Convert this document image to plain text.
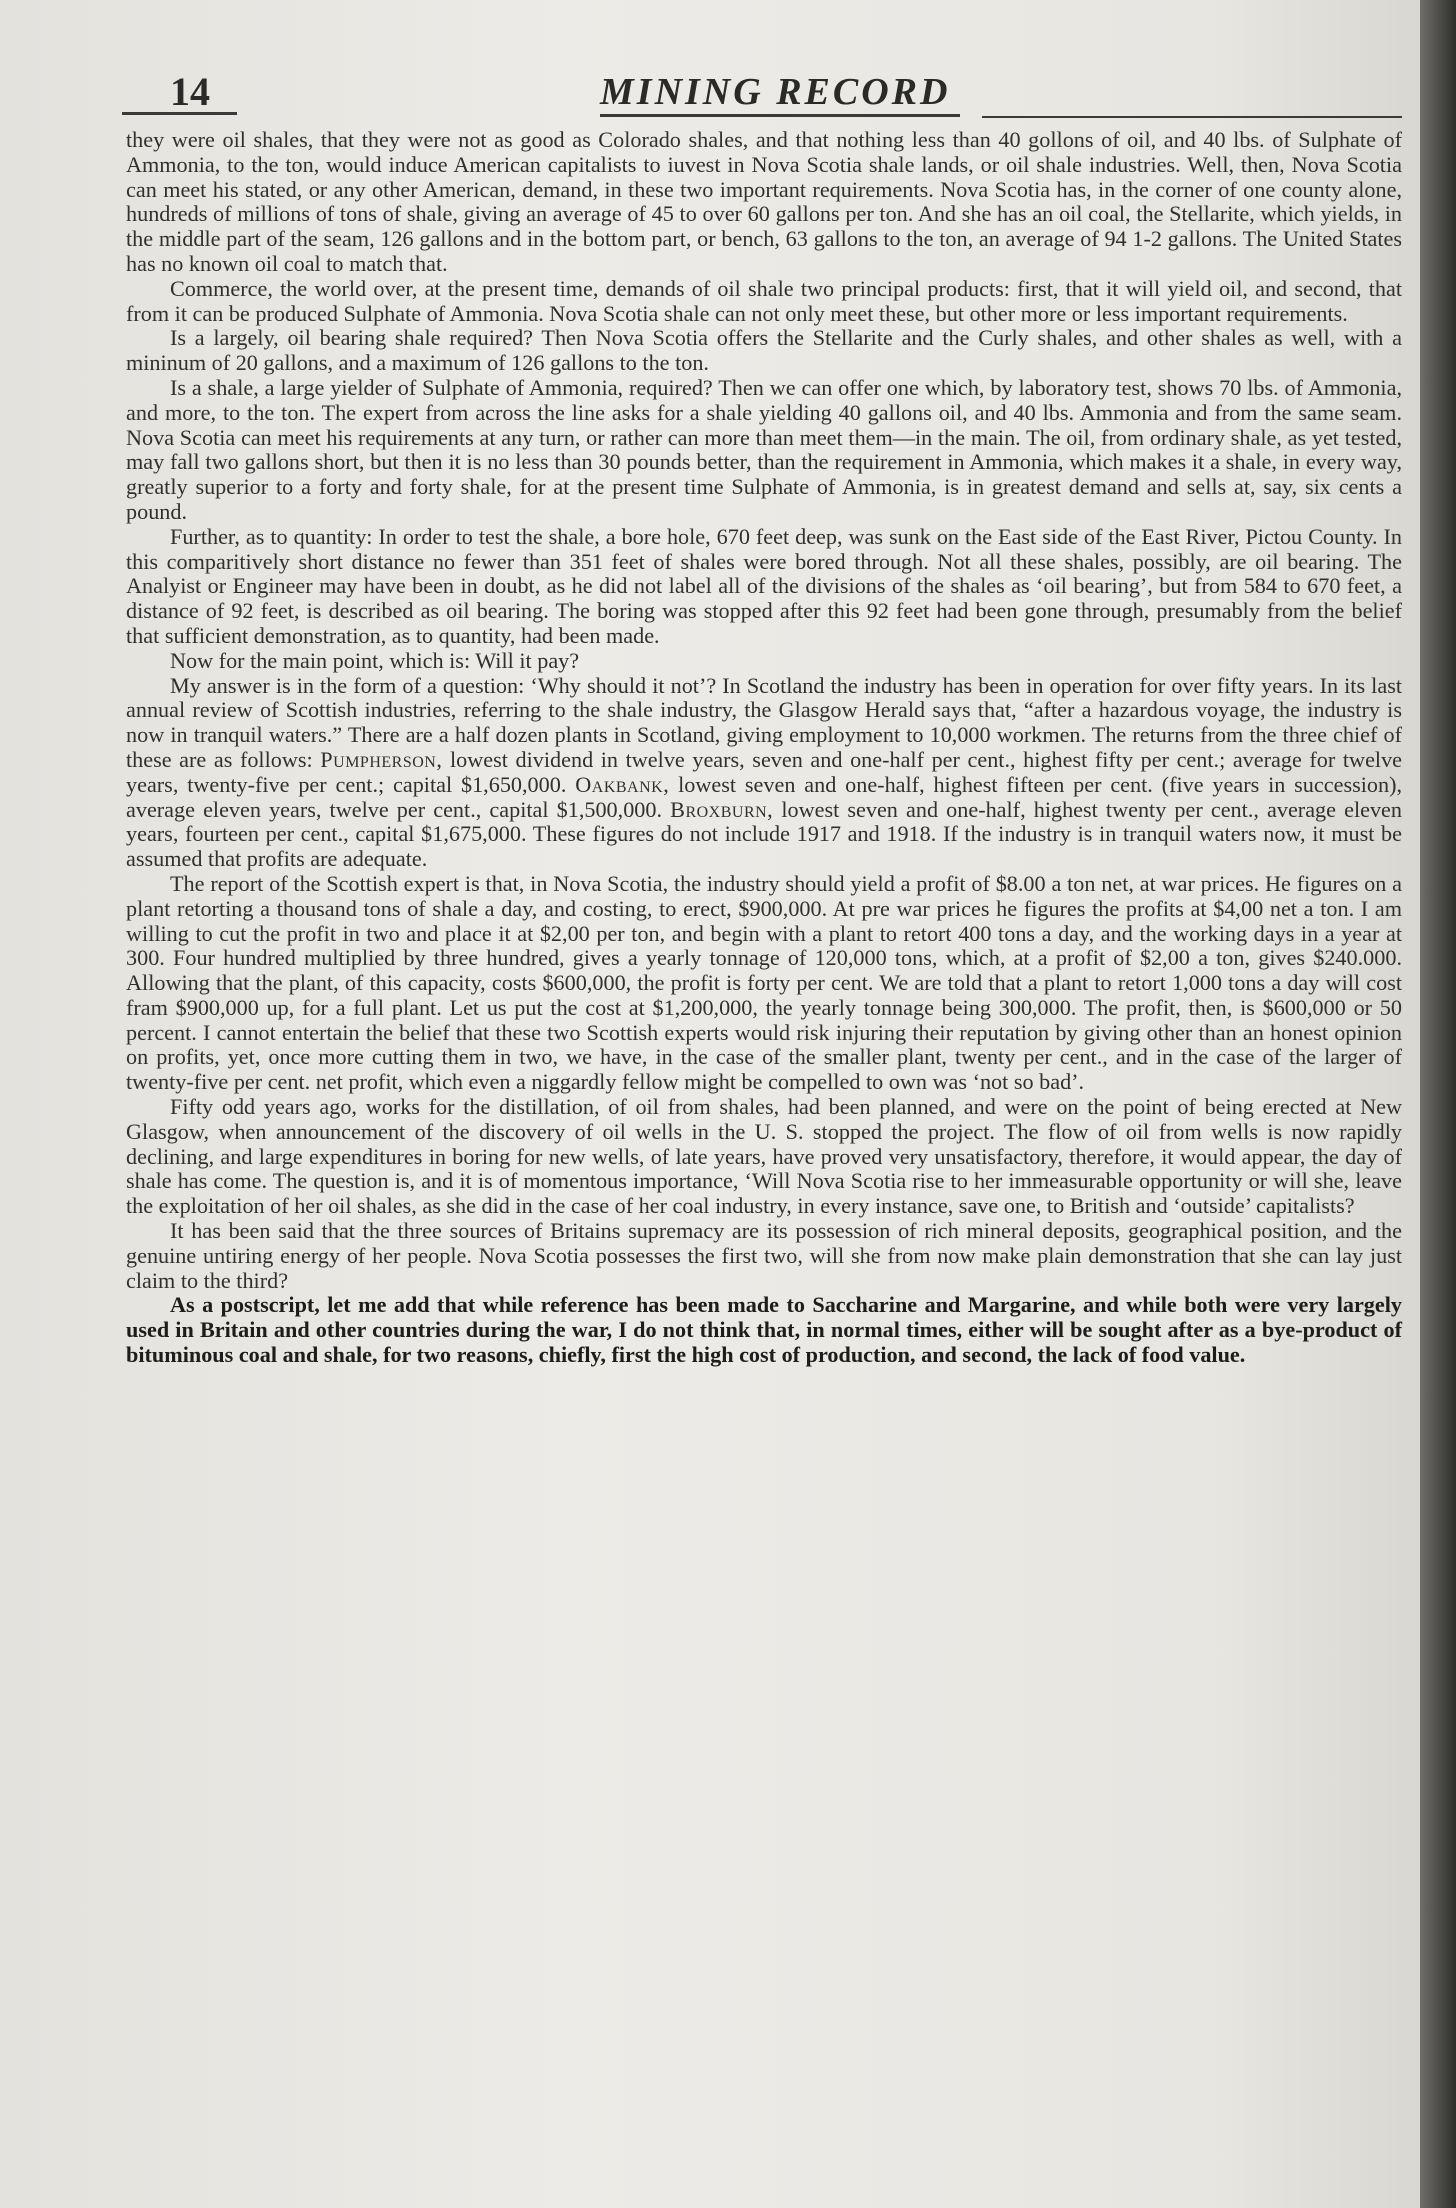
14	MINING RECORD

they were oil shales, that they were not as good as Colorado shales, and that nothing less than 40 gollons of oil, and 40 lbs. of Sulphate of Ammonia, to the ton, would induce American capitalists to iuvest in Nova Scotia shale lands, or oil shale industries. Well, then, Nova Scotia can meet his stated, or any other American, demand, in these two important requirements. Nova Scotia has, in the corner of one county alone, hundreds of millions of tons of shale, giving an average of 45 to over 60 gallons per ton. And she has an oil coal, the Stellarite, which yields, in the middle part of the seam, 126 gallons and in the bottom part, or bench, 63 gallons to the ton, an average of 94 1-2 gallons. The United States has no known oil coal to match that.

Commerce, the world over, at the present time, demands of oil shale two principal products: first, that it will yield oil, and second, that from it can be produced Sulphate of Ammonia. Nova Scotia shale can not only meet these, but other more or less important requirements.

Is a largely, oil bearing shale required? Then Nova Scotia offers the Stellarite and the Curly shales, and other shales as well, with a mininum of 20 gallons, and a maximum of 126 gallons to the ton.

Is a shale, a large yielder of Sulphate of Ammonia, required? Then we can offer one which, by laboratory test, shows 70 lbs. of Ammonia, and more, to the ton. The expert from across the line asks for a shale yielding 40 gallons oil, and 40 lbs. Ammonia and from the same seam. Nova Scotia can meet his requirements at any turn, or rather can more than meet them—in the main. The oil, from ordinary shale, as yet tested, may fall two gallons short, but then it is no less than 30 pounds better, than the requirement in Ammonia, which makes it a shale, in every way, greatly superior to a forty and forty shale, for at the present time Sulphate of Ammonia, is in greatest demand and sells at, say, six cents a pound.

Further, as to quantity: In order to test the shale, a bore hole, 670 feet deep, was sunk on the East side of the East River, Pictou County. In this comparitively short distance no fewer than 351 feet of shales were bored through. Not all these shales, possibly, are oil bearing. The Analyist or Engineer may have been in doubt, as he did not label all of the divisions of the shales as ‘oil bearing’, but from 584 to 670 feet, a distance of 92 feet, is described as oil bearing. The boring was stopped after this 92 feet had been gone through, presumably from the belief that sufficient demonstration, as to quantity, had been made.

Now for the main point, which is: Will it pay?

My answer is in the form of a question: ‘Why should it not’? In Scotland the industry has been in operation for over fifty years. In its last annual review of Scottish industries, referring to the shale industry, the Glasgow Herald says that, “after a hazardous voyage, the industry is now in tranquil waters.” There are a half dozen plants in Scotland, giving employment to 10,000 workmen. The returns from the three chief of these are as follows: Pumpherson, lowest dividend in twelve years, seven and one-half per cent., highest fifty per cent.; average for twelve years, twenty-five per cent.; capital $1,650,000. Oakbank, lowest seven and one-half, highest fifteen per cent. (five years in succession), average eleven years, twelve per cent., capital $1,500,000. Broxburn, lowest seven and one-half, highest twenty per cent., average eleven years, fourteen per cent., capital $1,675,000. These figures do not include 1917 and 1918. If the industry is in tranquil waters now, it must be assumed that profits are adequate.

The report of the Scottish expert is that, in Nova Scotia, the industry should yield a profit of $8.00 a ton net, at war prices. He figures on a plant retorting a thousand tons of shale a day, and costing, to erect, $900,000. At pre war prices he figures the profits at $4,00 net a ton. I am willing to cut the profit in two and place it at $2,00 per ton, and begin with a plant to retort 400 tons a day, and the working days in a year at 300. Four hundred multiplied by three hundred, gives a yearly tonnage of 120,000 tons, which, at a profit of $2,00 a ton, gives $240.000. Allowing that the plant, of this capacity, costs $600,000, the profit is forty per cent. We are told that a plant to retort 1,000 tons a day will cost fram $900,000 up, for a full plant. Let us put the cost at $1,200,000, the yearly tonnage being 300,000. The profit, then, is $600,000 or 50 percent. I cannot entertain the belief that these two Scottish experts would risk injuring their reputation by giving other than an honest opinion on profits, yet, once more cutting them in two, we have, in the case of the smaller plant, twenty per cent., and in the case of the larger of twenty-five per cent. net profit, which even a niggardly fellow might be compelled to own was ‘not so bad’.

Fifty odd years ago, works for the distillation, of oil from shales, had been planned, and were on the point of being erected at New Glasgow, when announcement of the discovery of oil wells in the U. S. stopped the project. The flow of oil from wells is now rapidly declining, and large expenditures in boring for new wells, of late years, have proved very unsatisfactory, therefore, it would appear, the day of shale has come. The question is, and it is of momentous importance, ‘Will Nova Scotia rise to her immeasurable opportunity or will she, leave the exploitation of her oil shales, as she did in the case of her coal industry, in every instance, save one, to British and ‘outside’ capitalists?

It has been said that the three sources of Britains supremacy are its possession of rich mineral deposits, geographical position, and the genuine untiring energy of her people. Nova Scotia possesses the first two, will she from now make plain demonstration that she can lay just claim to the third?

As a postscript, let me add that while reference has been made to Saccharine and Margarine, and while both were very largely used in Britain and other countries during the war, I do not think that, in normal times, either will be sought after as a bye-product of bituminous coal and shale, for two reasons, chiefly, first the high cost of production, and second, the lack of food value.
